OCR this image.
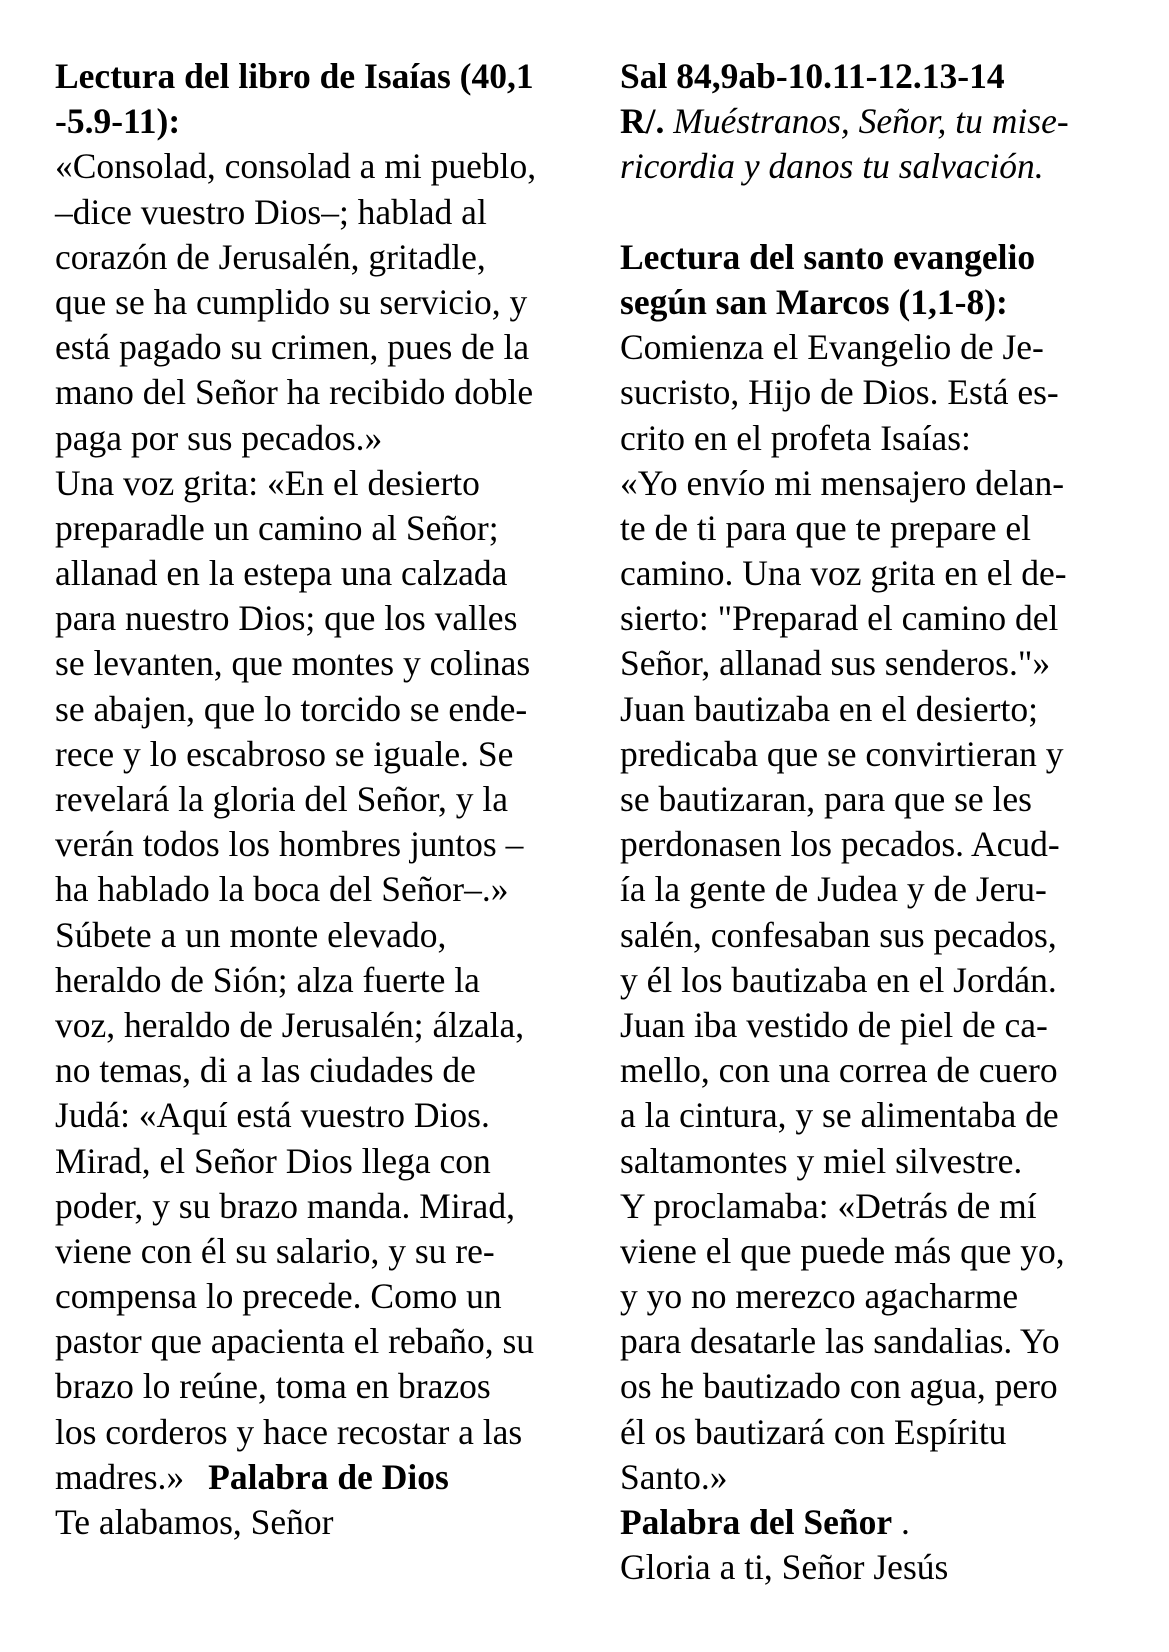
Lectura del libro de Isaías (40,1
-5.9-11):
«Consolad, consolad a mi pueblo,
–dice vuestro Dios–; hablad al
corazón de Jerusalén, gritadle,
que se ha cumplido su servicio, y
está pagado su crimen, pues de la
mano del Señor ha recibido doble
paga por sus pecados.»
Una voz grita: «En el desierto
preparadle un camino al Señor;
allanad en la estepa una calzada
para nuestro Dios; que los valles
se levanten, que montes y colinas
se abajen, que lo torcido se ende-
rece y lo escabroso se iguale. Se
revelará la gloria del Señor, y la
verán todos los hombres juntos –
ha hablado la boca del Señor–.»
Súbete a un monte elevado,
heraldo de Sión; alza fuerte la
voz, heraldo de Jerusalén; álzala,
no temas, di a las ciudades de
Judá: «Aquí está vuestro Dios.
Mirad, el Señor Dios llega con
poder, y su brazo manda. Mirad,
viene con él su salario, y su re-
compensa lo precede. Como un
pastor que apacienta el rebaño, su
brazo lo reúne, toma en brazos
los corderos y hace recostar a las
madres.» Palabra de Dios
Te alabamos, Señor
Sal 84,9ab-10.11-12.13-14
R/. Muéstranos, Señor, tu mise-
ricordia y danos tu salvación.
Lectura del santo evangelio
según san Marcos (1,1-8):
Comienza el Evangelio de Je-
sucristo, Hijo de Dios. Está es-
crito en el profeta Isaías:
«Yo envío mi mensajero delan-
te de ti para que te prepare el
camino. Una voz grita en el de-
sierto: "Preparad el camino del
Señor, allanad sus senderos."»
Juan bautizaba en el desierto;
predicaba que se convirtieran y
se bautizaran, para que se les
perdonasen los pecados. Acud-
ía la gente de Judea y de Jeru-
salén, confesaban sus pecados,
y él los bautizaba en el Jordán.
Juan iba vestido de piel de ca-
mello, con una correa de cuero
a la cintura, y se alimentaba de
saltamontes y miel silvestre.
Y proclamaba: «Detrás de mí
viene el que puede más que yo,
y yo no merezco agacharme
para desatarle las sandalias. Yo
os he bautizado con agua, pero
él os bautizará con Espíritu
Santo.»
Palabra del Señor .
Gloria a ti, Señor Jesús
